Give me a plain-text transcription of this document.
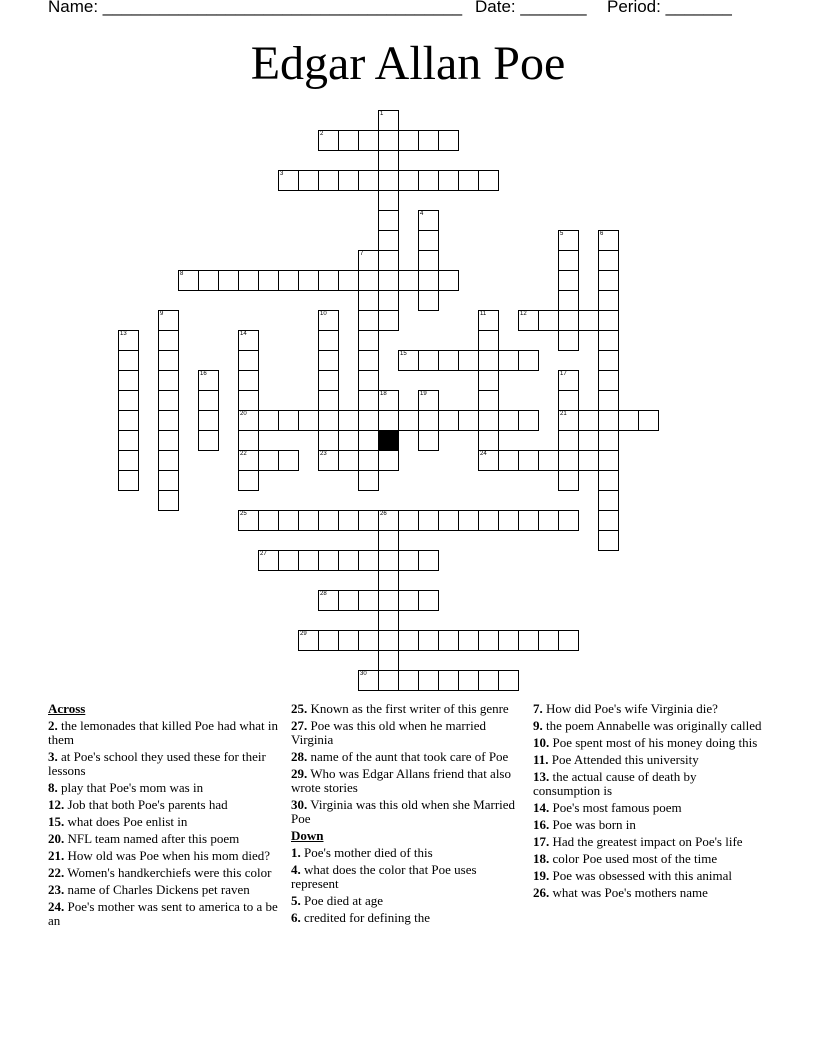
Name: ______________________________________

Date: _______

Period: _______

Edgar Allan Poe
1
2
3
4
5	6
7
8
9	10	11	12
13	14
15
16	17
18	19
20	21
22	23	24
25	26
27
28
29
30
Across
2. the lemonades that killed Poe had what in them
3. at Poe's school they used these for their lessons
8. play that Poe's mom was in
12. Job that both Poe's parents had
15. what does Poe enlist in
20. NFL team named after this poem
21. How old was Poe when his mom died?
22. Women's handkerchiefs were this color
23. name of Charles Dickens pet raven
24. Poe's mother was sent to america to a be an
25. Known as the first writer of this genre
27. Poe was this old when he married Virginia
28. name of the aunt that took care of Poe
29. Who was Edgar Allans friend that also wrote stories
30. Virginia was this old when she Married Poe
Down
1. Poe's mother died of this
4. what does the color that Poe uses represent
5. Poe died at age
6. credited for defining the
7. How did Poe's wife Virginia die?
9. the poem Annabelle was originally called
10. Poe spent most of his money doing this
11. Poe Attended this university
13. the actual cause of death by consumption is
14. Poe's most famous poem
16. Poe was born in
17. Had the greatest impact on Poe's life
18. color Poe used most of the time
19. Poe was obsessed with this animal
26. what was Poe's mothers name
